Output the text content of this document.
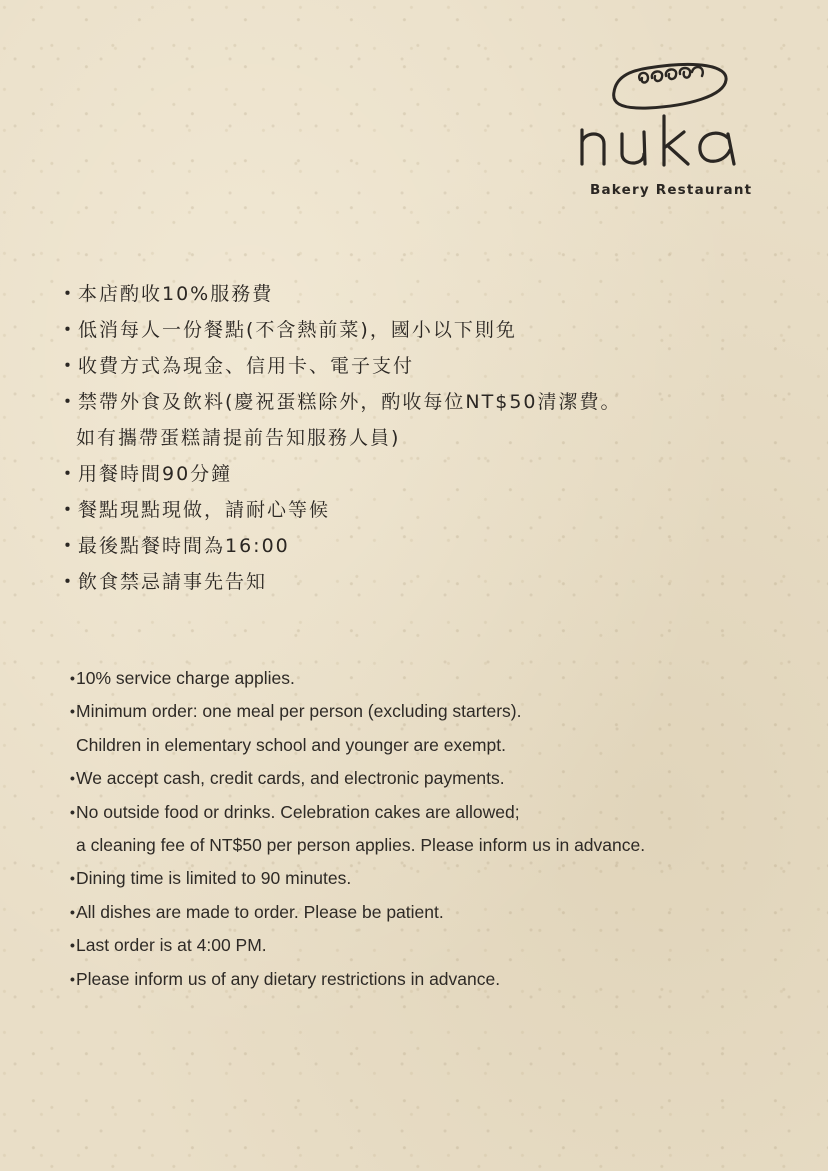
Bakery Restaurant
・
本店酌收10%服務費
・
低消每人一份餐點(不含熱前菜)，國小以下則免
・
收費方式為現金、信用卡、電子支付
・
禁帶外食及飲料(慶祝蛋糕除外，酌收每位NT$50清潔費。
如有攜帶蛋糕請提前告知服務人員)
・
用餐時間90分鐘
・
餐點現點現做，請耐心等候
・
最後點餐時間為16:00
・
飲食禁忌請事先告知
• 10% service charge applies.
• Minimum order: one meal per person (excluding starters).
Children in elementary school and younger are exempt.
• We accept cash, credit cards, and electronic payments.
• No outside food or drinks. Celebration cakes are allowed;
a cleaning fee of NT$50 per person applies. Please inform us in advance.
• Dining time is limited to 90 minutes.
• All dishes are made to order. Please be patient.
• Last order is at 4:00 PM.
• Please inform us of any dietary restrictions in advance.
